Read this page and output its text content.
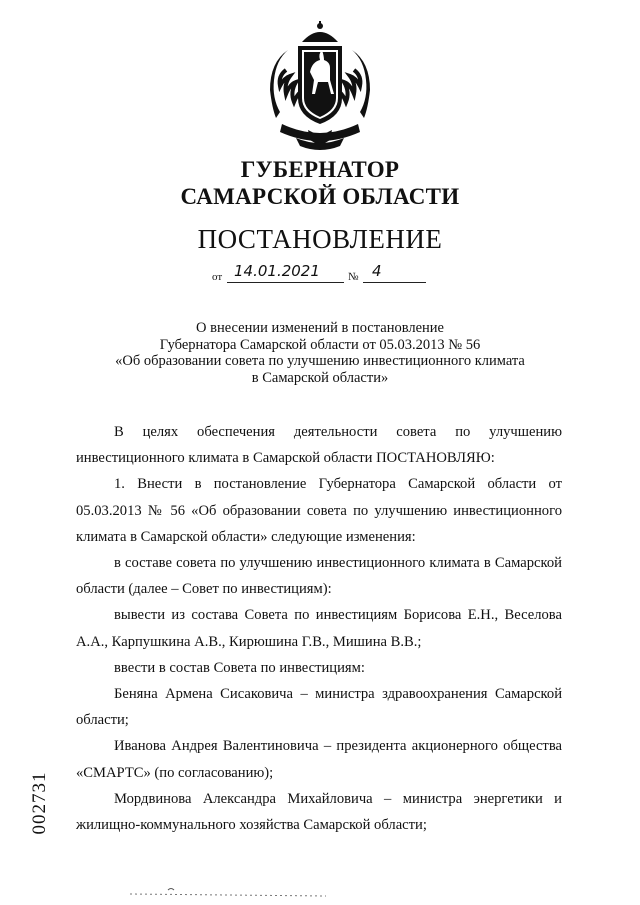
ГУБЕРНАТОР
САМАРСКОЙ ОБЛАСТИ
ПОСТАНОВЛЕНИЕ
от 14.01.2021	№ 4
О внесении изменений в постановление
Губернатора Самарской области от 05.03.2013 № 56
«Об образовании совета по улучшению инвестиционного климата
в Самарской области»

В целях обеспечения деятельности совета по улучшению инвестиционного климата в Самарской области ПОСТАНОВЛЯЮ:

1. Внести в постановление Губернатора Самарской области от 05.03.2013 № 56 «Об образовании совета по улучшению инвестиционного климата в Самарской области» следующие изменения:

в составе совета по улучшению инвестиционного климата в Самарской области (далее – Совет по инвестициям):

вывести из состава Совета по инвестициям Борисова Е.Н., Веселова А.А., Карпушкина А.В., Кирюшина Г.В., Мишина В.В.;

ввести в состав Совета по инвестициям:

Беняна Армена Сисаковича – министра здравоохранения Самарской области;

Иванова Андрея Валентиновича – президента акционерного общества «СМАРТС» (по согласованию);

Мордвинова Александра Михайловича – министра энергетики и жилищно-коммунального хозяйства Самарской области;

002731
